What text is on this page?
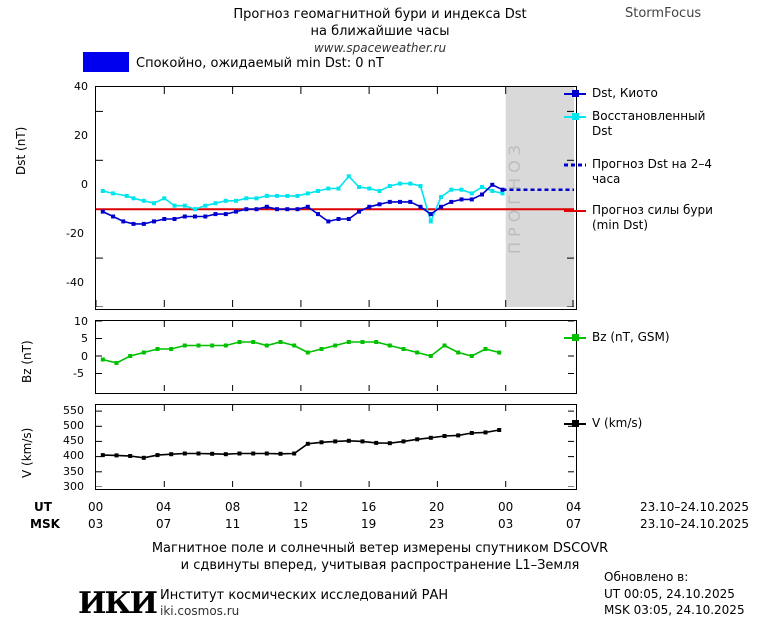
Прогноз геомагнитной бури и индекса Dst
на ближайшие часы
www.spaceweather.ru
StormFocus
Спокойно, ожидаемый min Dst: 0 nT
Dst (nT)	ПРОГНОЗ
40
20
0
-20
-40
Bz (nT)
10
5
0
-5
V (km/s)
550
500
450
400
350
300
Dst, Киото
Восстановленный Dst
Прогноз Dst на 2–4 часа
Прогноз силы бури (min Dst)
Bz (nT, GSM)
V (km/s)
UT
MSK
00	04	08	12	16	20	00	04
03	07	11	15	19	23	03	07
23.10–24.10.2025
23.10–24.10.2025
Магнитное поле и солнечный ветер измерены спутником DSCOVR
и сдвинуты вперед, учитывая распространение L1–Земля
ИКИ Институт космических исследований РАН
iki.cosmos.ru
Обновлено в:
UT 00:05, 24.10.2025
MSK 03:05, 24.10.2025
